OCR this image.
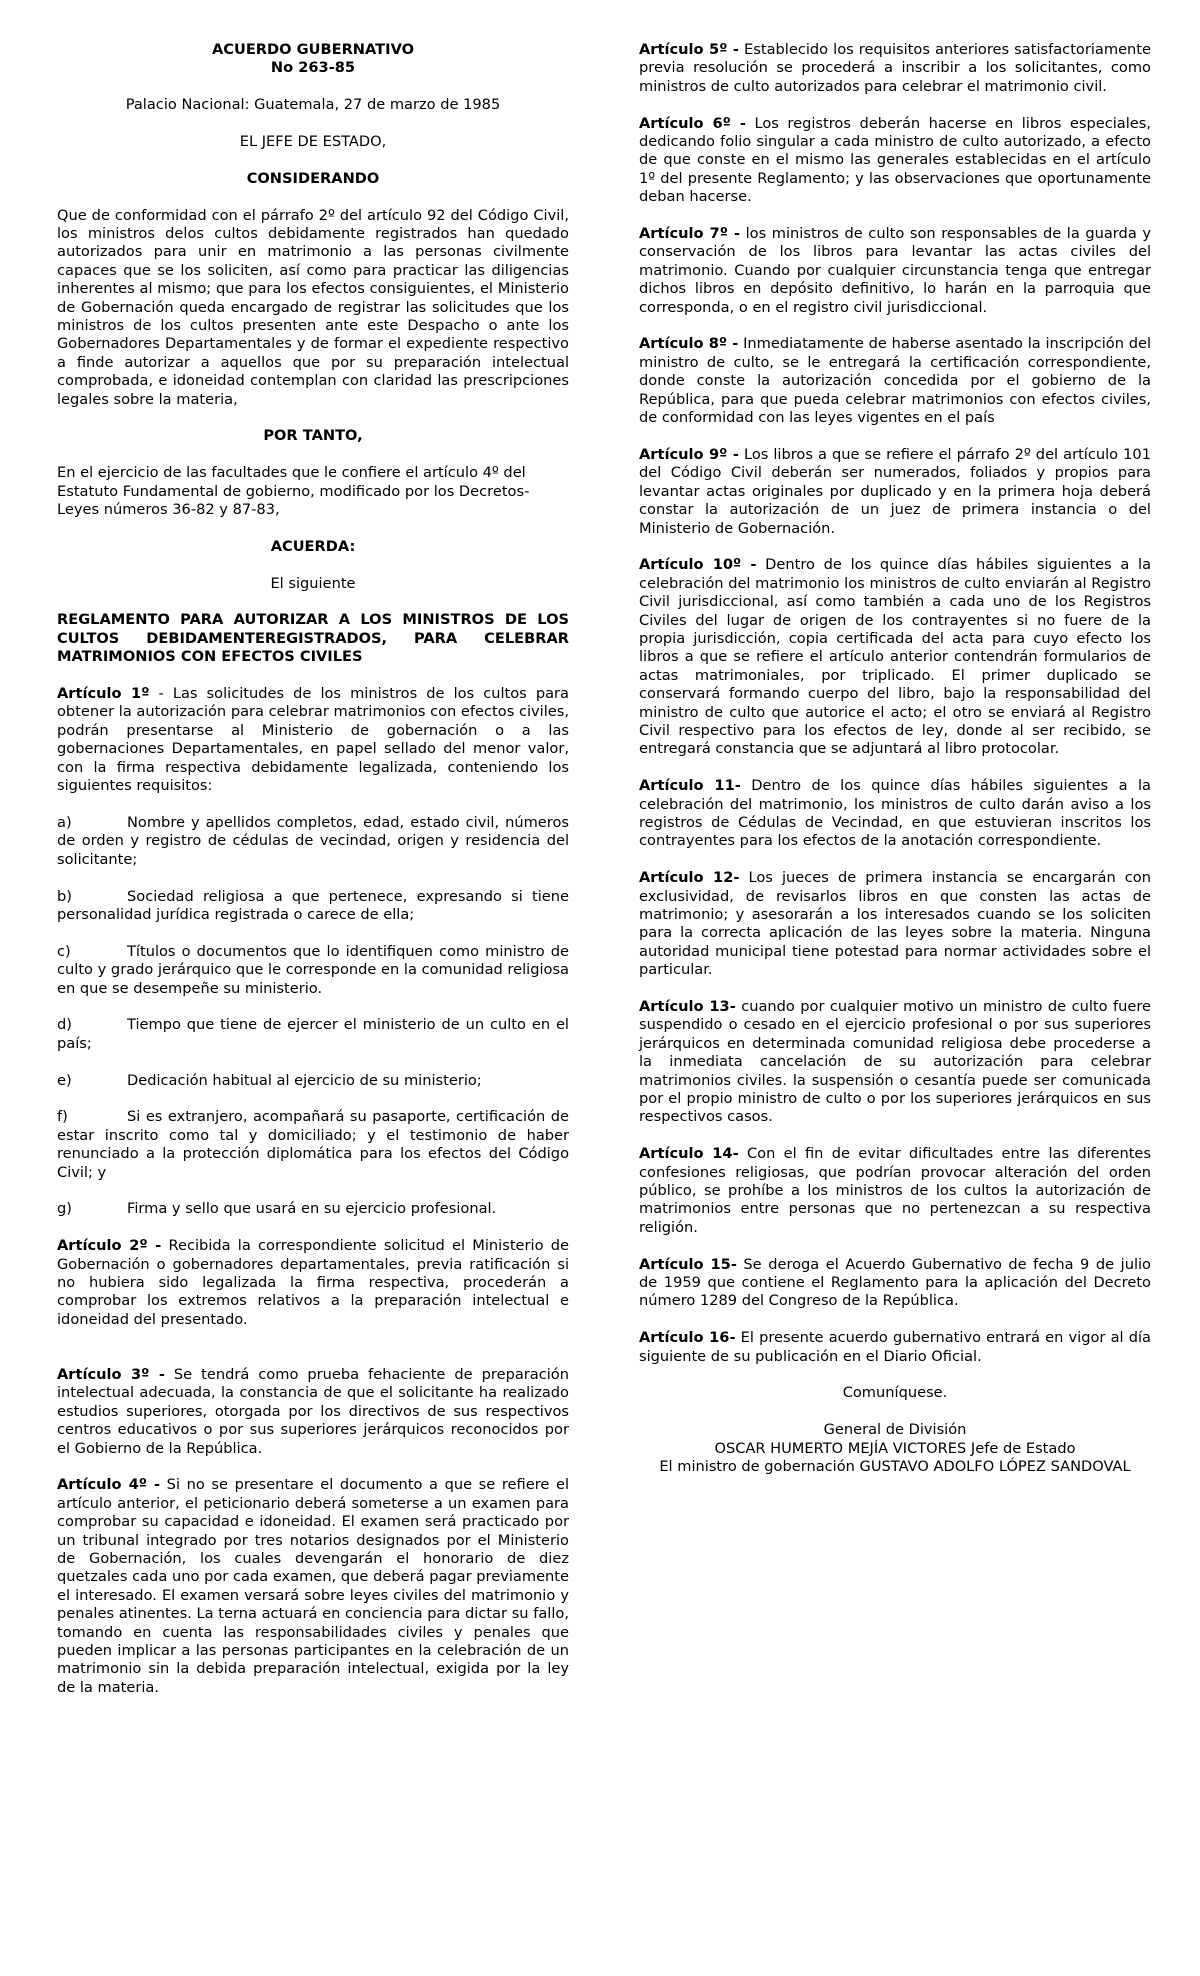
ACUERDO GUBERNATIVO
No 263-85
Palacio Nacional: Guatemala, 27 de marzo de 1985
EL JEFE DE ESTADO,
CONSIDERANDO
Que de conformidad con el párrafo 2º del artículo 92 del Código Civil, los ministros delos cultos debidamente registrados han quedado autorizados para unir en matrimonio a las personas civilmente capaces que se los soliciten, así como para practicar las diligencias inherentes al mismo; que para los efectos consiguientes, el Ministerio de Gobernación queda encargado de registrar las solicitudes que los ministros de los cultos presenten ante este Despacho o ante los Gobernadores Departamentales y de formar el expediente respectivo a finde autorizar a aquellos que por su preparación intelectual comprobada, e idoneidad contemplan con claridad las prescripciones legales sobre la materia,
POR TANTO,
En el ejercicio de las facultades que le confiere el artículo 4º del Estatuto Fundamental de gobierno, modificado por los Decretos-Leyes números 36-82 y 87-83,
ACUERDA:
El siguiente
REGLAMENTO PARA AUTORIZAR A LOS MINISTROS DE LOS CULTOS DEBIDAMENTEREGISTRADOS, PARA CELEBRAR MATRIMONIOS CON EFECTOS CIVILES
Artículo 1º - Las solicitudes de los ministros de los cultos para obtener la autorización para celebrar matrimonios con efectos civiles, podrán presentarse al Ministerio de gobernación o a las gobernaciones Departamentales, en papel sellado del menor valor, con la firma respectiva debidamente legalizada, conteniendo los siguientes requisitos:
a)	Nombre y apellidos completos, edad, estado civil, números de orden y registro de cédulas de vecindad, origen y residencia del solicitante;
b)	Sociedad religiosa a que pertenece, expresando si tiene personalidad jurídica registrada o carece de ella;
c)	Títulos o documentos que lo identifiquen como ministro de culto y grado jerárquico que le corresponde en la comunidad religiosa en que se desempeñe su ministerio.
d)	Tiempo que tiene de ejercer el ministerio de un culto en el país;
e)	Dedicación habitual al ejercicio de su ministerio;
f)	Si es extranjero, acompañará su pasaporte, certificación de estar inscrito como tal y domiciliado; y el testimonio de haber renunciado a la protección diplomática para los efectos del Código Civil; y
g)	Firma y sello que usará en su ejercicio profesional.
Artículo 2º - Recibida la correspondiente solicitud el Ministerio de Gobernación o gobernadores departamentales, previa ratificación si no hubiera sido legalizada la firma respectiva, procederán a comprobar los extremos relativos a la preparación intelectual e idoneidad del presentado.
Artículo 3º - Se tendrá como prueba fehaciente de preparación intelectual adecuada, la constancia de que el solicitante ha realizado estudios superiores, otorgada por los directivos de sus respectivos centros educativos o por sus superiores jerárquicos reconocidos por el Gobierno de la República.
Artículo 4º - Si no se presentare el documento a que se refiere el artículo anterior, el peticionario deberá someterse a un examen para comprobar su capacidad e idoneidad. El examen será practicado por un tribunal integrado por tres notarios designados por el Ministerio de Gobernación, los cuales devengarán el honorario de diez quetzales cada uno por cada examen, que deberá pagar previamente el interesado. El examen versará sobre leyes civiles del matrimonio y penales atinentes. La terna actuará en conciencia para dictar su fallo, tomando en cuenta las responsabilidades civiles y penales que pueden implicar a las personas participantes en la celebración de un matrimonio sin la debida preparación intelectual, exigida por la ley de la materia.
Artículo 5º - Establecido los requisitos anteriores satisfactoriamente previa resolución se procederá a inscribir a los solicitantes, como ministros de culto autorizados para celebrar el matrimonio civil.
Artículo 6º - Los registros deberán hacerse en libros especiales, dedicando folio singular a cada ministro de culto autorizado, a efecto de que conste en el mismo las generales establecidas en el artículo 1º del presente Reglamento; y las observaciones que oportunamente deban hacerse.
Artículo 7º - los ministros de culto son responsables de la guarda y conservación de los libros para levantar las actas civiles del matrimonio. Cuando por cualquier circunstancia tenga que entregar dichos libros en depósito definitivo, lo harán en la parroquia que corresponda, o en el registro civil jurisdiccional.
Artículo 8º - Inmediatamente de haberse asentado la inscripción del ministro de culto, se le entregará la certificación correspondiente, donde conste la autorización concedida por el gobierno de la República, para que pueda celebrar matrimonios con efectos civiles, de conformidad con las leyes vigentes en el país
Artículo 9º - Los libros a que se refiere el párrafo 2º del artículo 101 del Código Civil deberán ser numerados, foliados y propios para levantar actas originales por duplicado y en la primera hoja deberá constar la autorización de un juez de primera instancia o del Ministerio de Gobernación.
Artículo 10º - Dentro de los quince días hábiles siguientes a la celebración del matrimonio los ministros de culto enviarán al Registro Civil jurisdiccional, así como también a cada uno de los Registros Civiles del lugar de origen de los contrayentes si no fuere de la propia jurisdicción, copia certificada del acta para cuyo efecto los libros a que se refiere el artículo anterior contendrán formularios de actas matrimoniales, por triplicado. El primer duplicado se conservará formando cuerpo del libro, bajo la responsabilidad del ministro de culto que autorice el acto; el otro se enviará al Registro Civil respectivo para los efectos de ley, donde al ser recibido, se entregará constancia que se adjuntará al libro protocolar.
Artículo 11- Dentro de los quince días hábiles siguientes a la celebración del matrimonio, los ministros de culto darán aviso a los registros de Cédulas de Vecindad, en que estuvieran inscritos los contrayentes para los efectos de la anotación correspondiente.
Artículo 12- Los jueces de primera instancia se encargarán con exclusividad, de revisarlos libros en que consten las actas de matrimonio; y asesorarán a los interesados cuando se los soliciten para la correcta aplicación de las leyes sobre la materia. Ninguna autoridad municipal tiene potestad para normar actividades sobre el particular.
Artículo 13- cuando por cualquier motivo un ministro de culto fuere suspendido o cesado en el ejercicio profesional o por sus superiores jerárquicos en determinada comunidad religiosa debe procederse a la inmediata cancelación de su autorización para celebrar matrimonios civiles. la suspensión o cesantía puede ser comunicada por el propio ministro de culto o por los superiores jerárquicos en sus respectivos casos.
Artículo 14- Con el fin de evitar dificultades entre las diferentes confesiones religiosas, que podrían provocar alteración del orden público, se prohíbe a los ministros de los cultos la autorización de matrimonios entre personas que no pertenezcan a su respectiva religión.
Artículo 15- Se deroga el Acuerdo Gubernativo de fecha 9 de julio de 1959 que contiene el Reglamento para la aplicación del Decreto número 1289 del Congreso de la República.
Artículo 16- El presente acuerdo gubernativo entrará en vigor al día siguiente de su publicación en el Diario Oficial.
Comuníquese.
General de División
OSCAR HUMERTO MEJÍA VICTORES Jefe de Estado
El ministro de gobernación GUSTAVO ADOLFO LÓPEZ SANDOVAL
